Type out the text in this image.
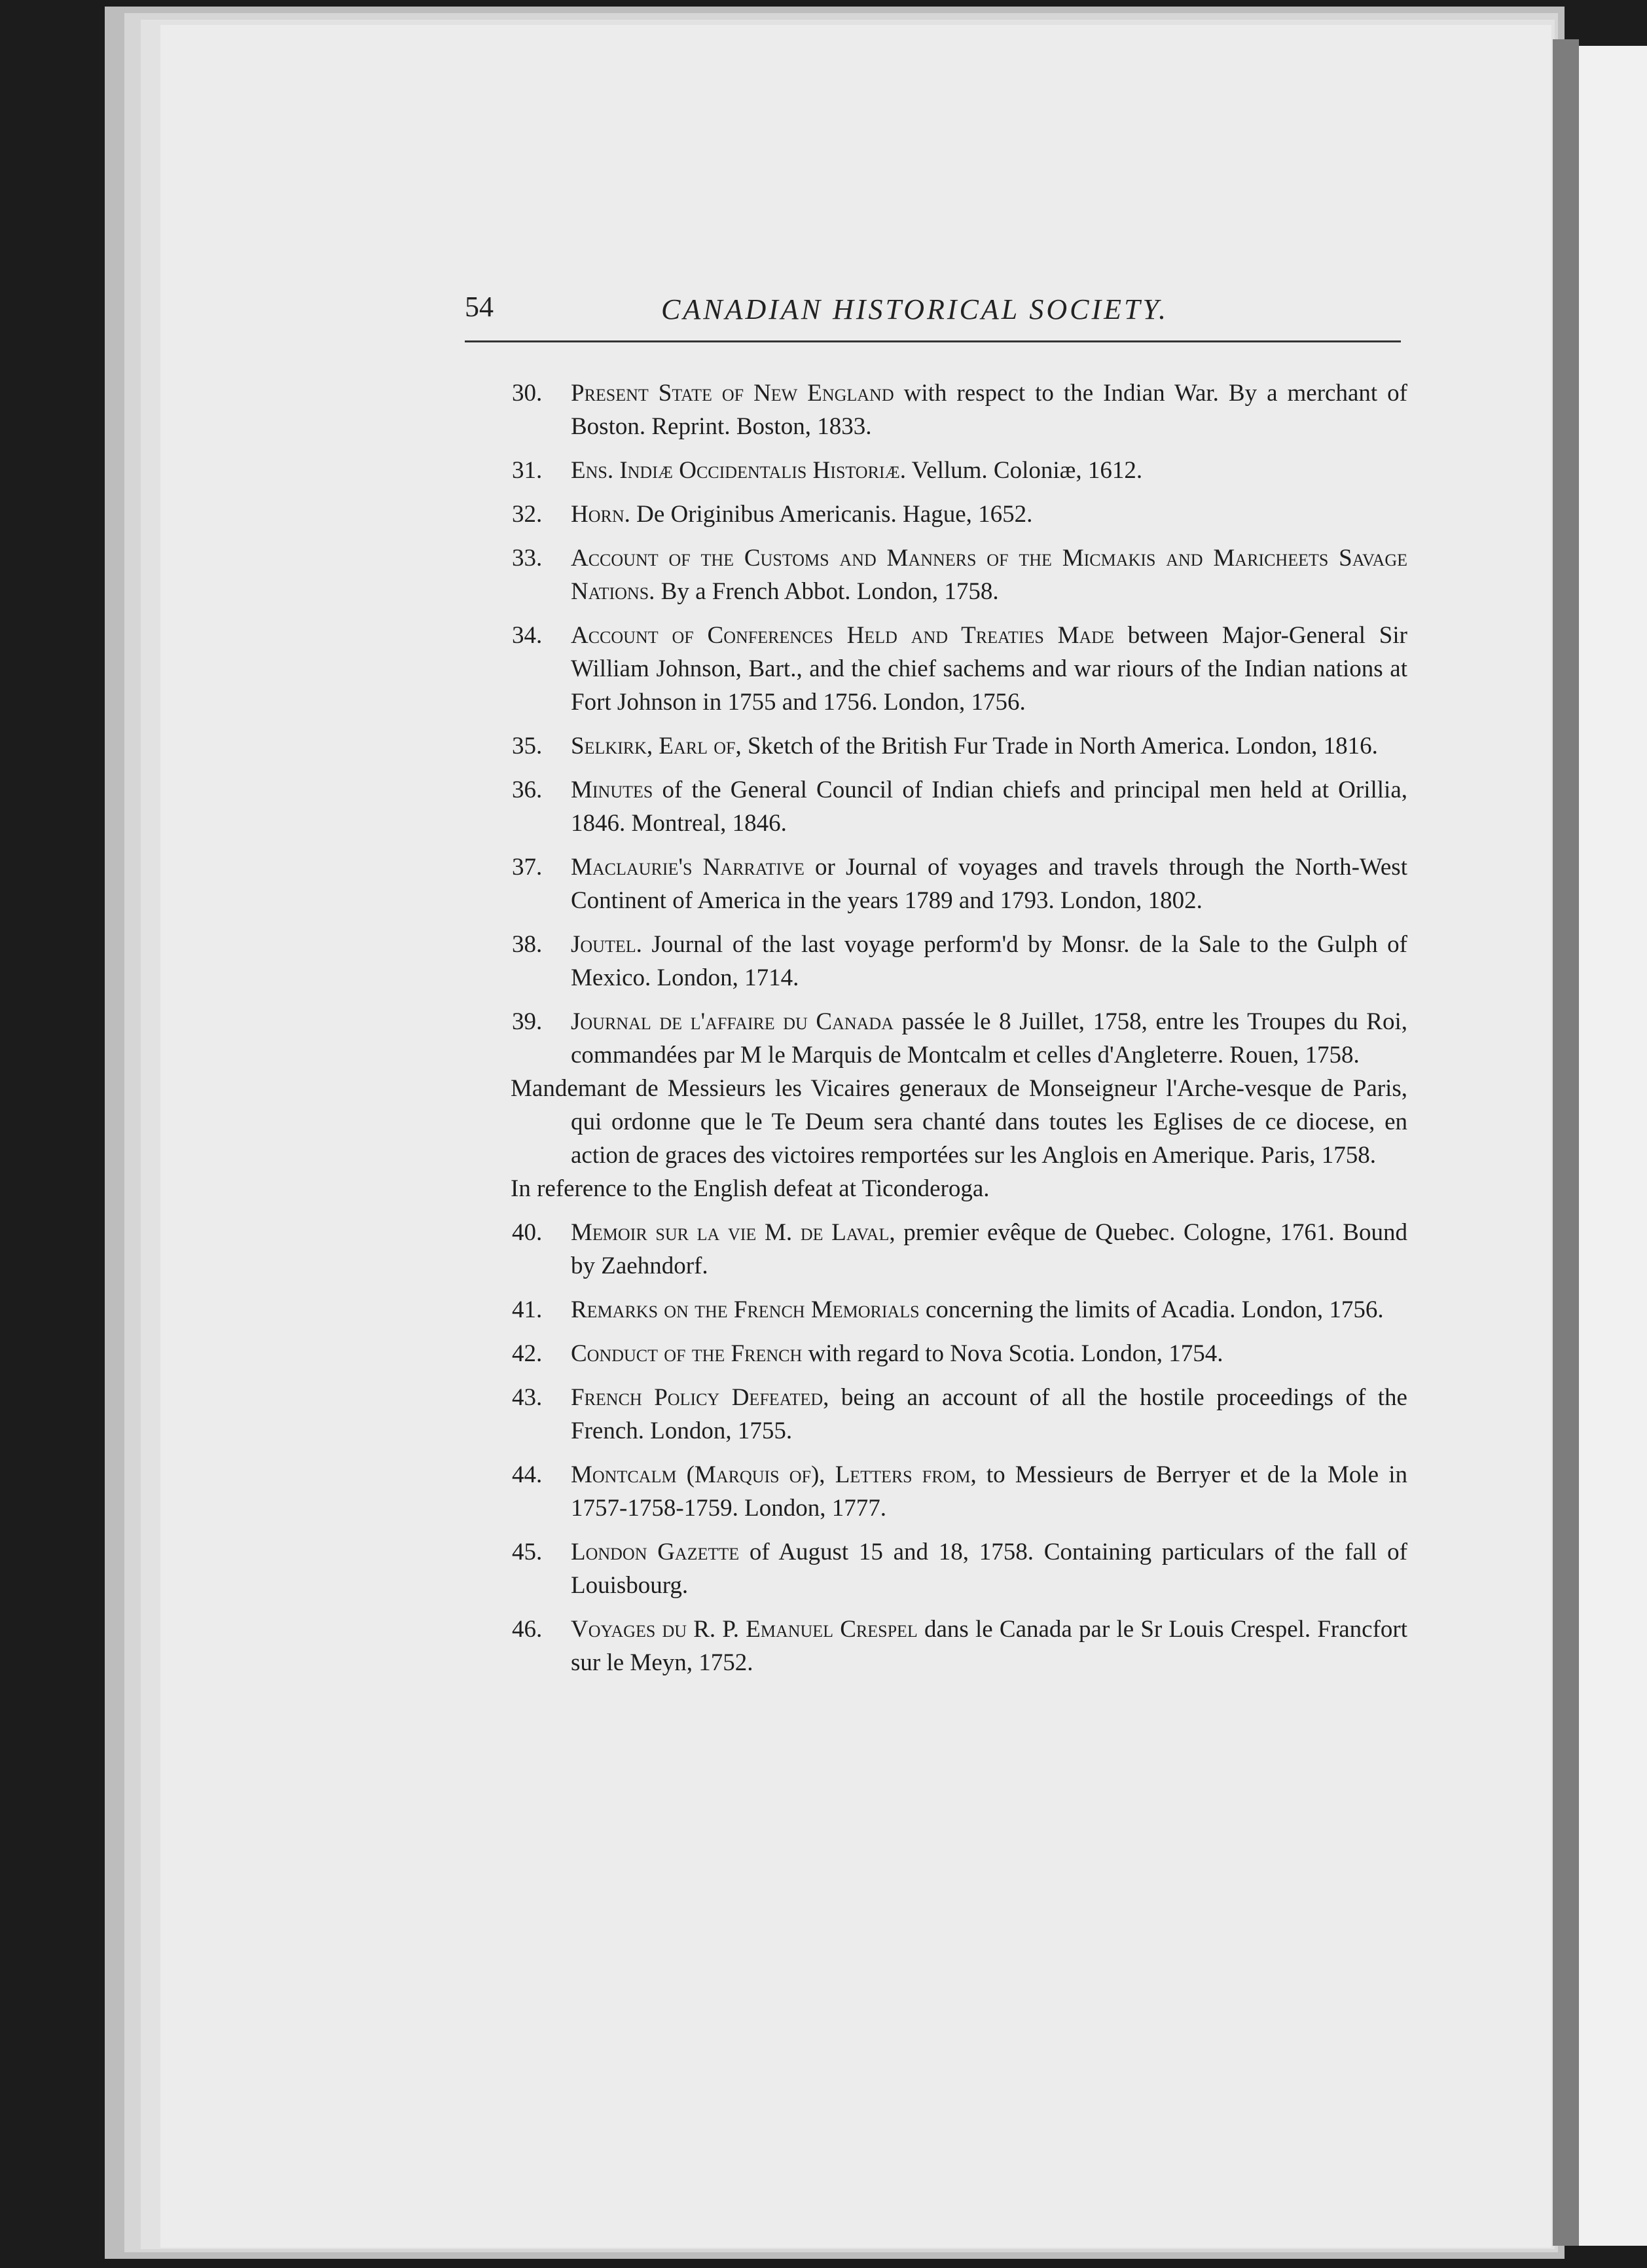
54	CANADIAN HISTORICAL SOCIETY.
30. Present State of New England with respect to the Indian War. By a merchant of Boston. Reprint. Boston, 1833.
31. Ens. Indiæ Occidentalis Historiæ. Vellum. Coloniæ, 1612.
32. Horn. De Originibus Americanis. Hague, 1652.
33. Account of the Customs and Manners of the Micmakis and Maricheets Savage Nations. By a French Abbot. London, 1758.
34. Account of Conferences Held and Treaties Made between Major-General Sir William Johnson, Bart., and the chief sachems and war riours of the Indian nations at Fort Johnson in 1755 and 1756. London, 1756.
35. Selkirk, Earl of, Sketch of the British Fur Trade in North America. London, 1816.
36. Minutes of the General Council of Indian chiefs and principal men held at Orillia, 1846. Montreal, 1846.
37. Maclaurie's Narrative or Journal of voyages and travels through the North-West Continent of America in the years 1789 and 1793. London, 1802.
38. Joutel. Journal of the last voyage perform'd by Monsr. de la Sale to the Gulph of Mexico. London, 1714.
39. Journal de l'affaire du Canada passée le 8 Juillet, 1758, entre les Troupes du Roi, commandées par M le Marquis de Montcalm et celles d'Angleterre. Rouen, 1758.
Mandemant de Messieurs les Vicaires generaux de Monseigneur l'Arche-vesque de Paris, qui ordonne que le Te Deum sera chanté dans toutes les Eglises de ce diocese, en action de graces des victoires remportées sur les Anglois en Amerique. Paris, 1758.
In reference to the English defeat at Ticonderoga.
40. Memoir sur la vie M. de Laval, premier evêque de Quebec. Cologne, 1761. Bound by Zaehndorf.
41. Remarks on the French Memorials concerning the limits of Acadia. London, 1756.
42. Conduct of the French with regard to Nova Scotia. London, 1754.
43. French Policy Defeated, being an account of all the hostile proceedings of the French. London, 1755.
44. Montcalm (Marquis of), Letters from, to Messieurs de Berryer et de la Mole in 1757-1758-1759. London, 1777.
45. London Gazette of August 15 and 18, 1758. Containing particulars of the fall of Louisbourg.
46. Voyages du R. P. Emanuel Crespel dans le Canada par le Sr Louis Crespel. Francfort sur le Meyn, 1752.
